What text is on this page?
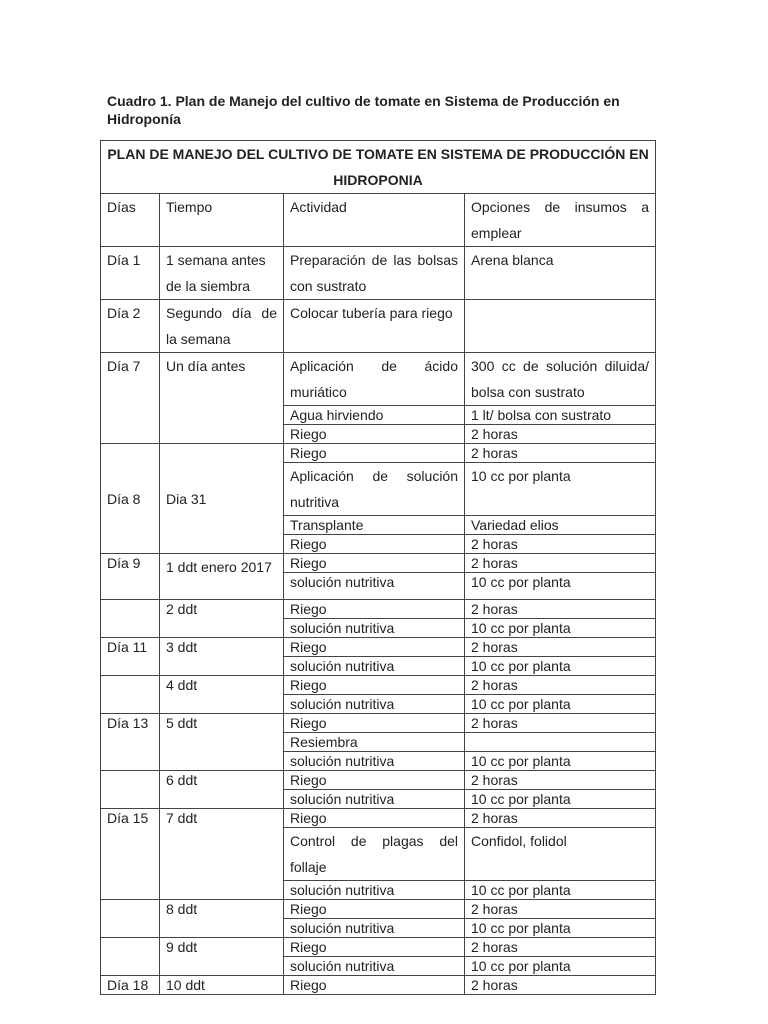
Cuadro 1. Plan de Manejo del cultivo de tomate en Sistema de Producción en Hidroponía
PLAN DE MANEJO DEL CULTIVO DE TOMATE EN SISTEMA DE PRODUCCIÓN EN HIDROPONIA			
Días	Tiempo	Actividad	Opciones de insumos a emplear
Día 1	1 semana antes de la siembra	Preparación de las bolsas con sustrato	Arena blanca
Día 2	Segundo día de la semana	Colocar tubería para riego	
Día 7	Un día antes	Aplicación de ácido muriático	300 cc de solución diluida/ bolsa con sustrato
		Agua hirviendo	1 lt/ bolsa con sustrato
		Riego	2 horas
Día 8	Dia 31	Riego	2 horas
		Aplicación de solución nutritiva	10 cc por planta
		Transplante	Variedad elios
		Riego	2 horas
Día 9	1 ddt enero 2017	Riego	2 horas
		solución nutritiva	10 cc por planta
	2 ddt	Riego	2 horas
		solución nutritiva	10 cc por planta
Día 11	3 ddt	Riego	2 horas
		solución nutritiva	10 cc por planta
	4 ddt	Riego	2 horas
		solución nutritiva	10 cc por planta
Día 13	5 ddt	Riego	2 horas
		Resiembra	
		solución nutritiva	10 cc por planta
	6 ddt	Riego	2 horas
		solución nutritiva	10 cc por planta
Día 15	7 ddt	Riego	2 horas
		Control de plagas del follaje	Confidol, folidol
		solución nutritiva	10 cc por planta
	8 ddt	Riego	2 horas
		solución nutritiva	10 cc por planta
	9 ddt	Riego	2 horas
		solución nutritiva	10 cc por planta
Día 18	10 ddt	Riego	2 horas
